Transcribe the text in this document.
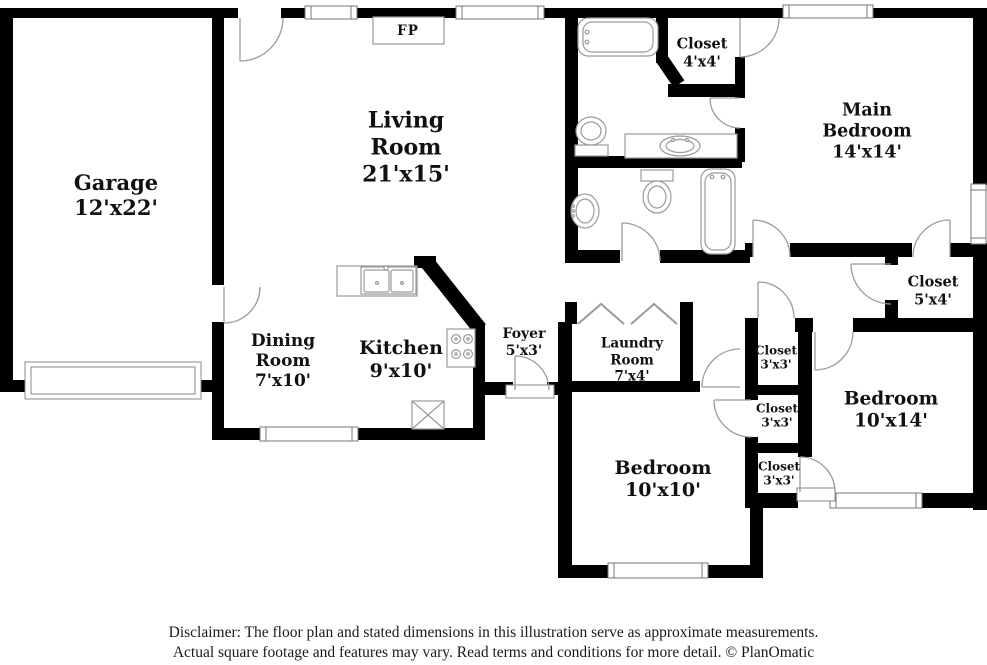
Garage
12'x22'
Living
Room
21'x15'
Dining
Room
7'x10'
Kitchen
9'x10'
Foyer
5'x3'	Laundry
Room
7'x4'
Main
Bedroom
14'x14'
Closet
4'x4'
Closet
5'x4'
Closet
3'x3'
Closet
3'x3'
Closet
3'x3'
Bedroom
10'x14'
Bedroom
10'x10'
FP
Disclaimer: The floor plan and stated dimensions in this illustration serve as approximate measurements.
Actual square footage and features may vary. Read terms and conditions for more detail. © PlanOmatic
